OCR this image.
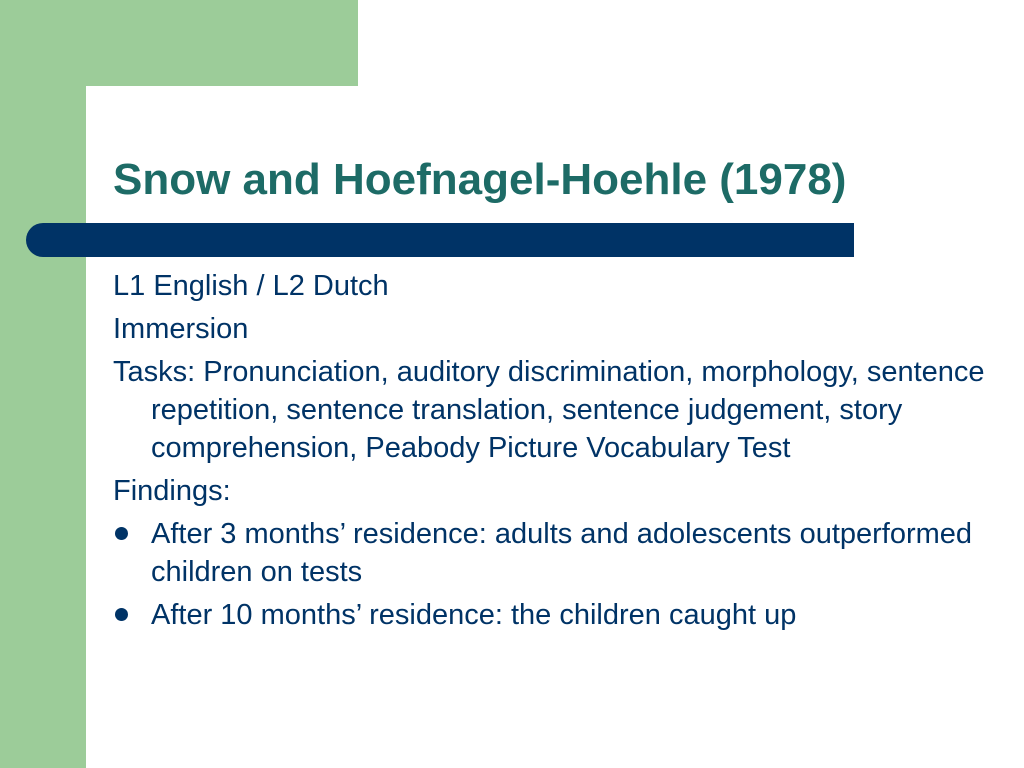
Snow and Hoefnagel-Hoehle (1978)

L1 English / L2 Dutch

Immersion

Tasks: Pronunciation, auditory discrimination, morphology, sentence repetition, sentence translation, sentence judgement, story comprehension, Peabody Picture Vocabulary Test

Findings:

After 3 months’ residence: adults and adolescents outperformed children on tests
After 10 months’ residence: the children caught up
